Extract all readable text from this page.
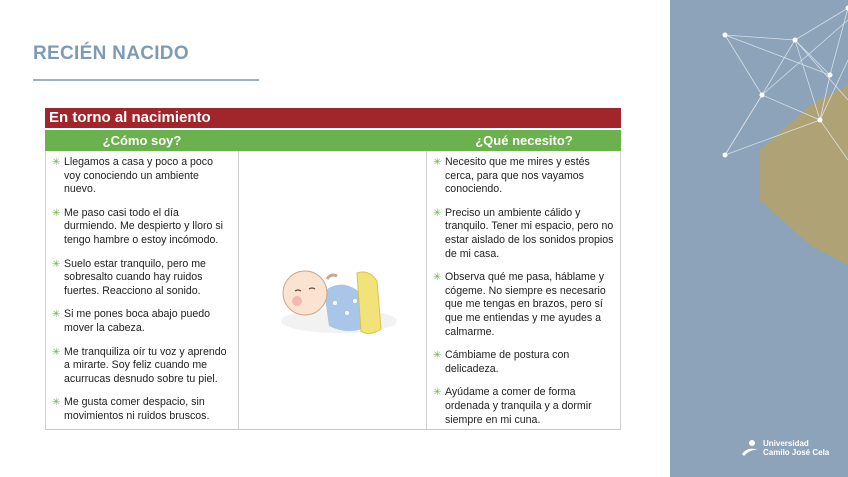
RECIÉN NACIDO
En torno al nacimiento
¿Cómo soy?	¿Qué necesito?
✳ Llegamos a casa y poco a poco voy conociendo un ambiente nuevo.
✳ Me paso casi todo el día durmiendo. Me despierto y lloro si tengo hambre o estoy incómodo.
✳ Suelo estar tranquilo, pero me sobresalto cuando hay ruidos fuertes. Reacciono al sonido.
✳ Si me pones boca abajo puedo mover la cabeza.
✳ Me tranquiliza oír tu voz y aprendo a mirarte. Soy feliz cuando me acurrucas desnudo sobre tu piel.
✳ Me gusta comer despacio, sin movimientos ni ruidos bruscos.
✳ Necesito que me mires y estés cerca, para que nos vayamos conociendo.
✳ Preciso un ambiente cálido y tranquilo. Tener mi espacio, pero no estar aislado de los sonidos propios de mi casa.
✳ Observa qué me pasa, háblame y cógeme. No siempre es necesario que me tengas en brazos, pero sí que me entiendas y me ayudes a calmarme.
✳ Cámbiame de postura con delicadeza.
✳ Ayúdame a comer de forma ordenada y tranquila y a dormir siempre en mi cuna.
Universidad
Camilo José Cela
